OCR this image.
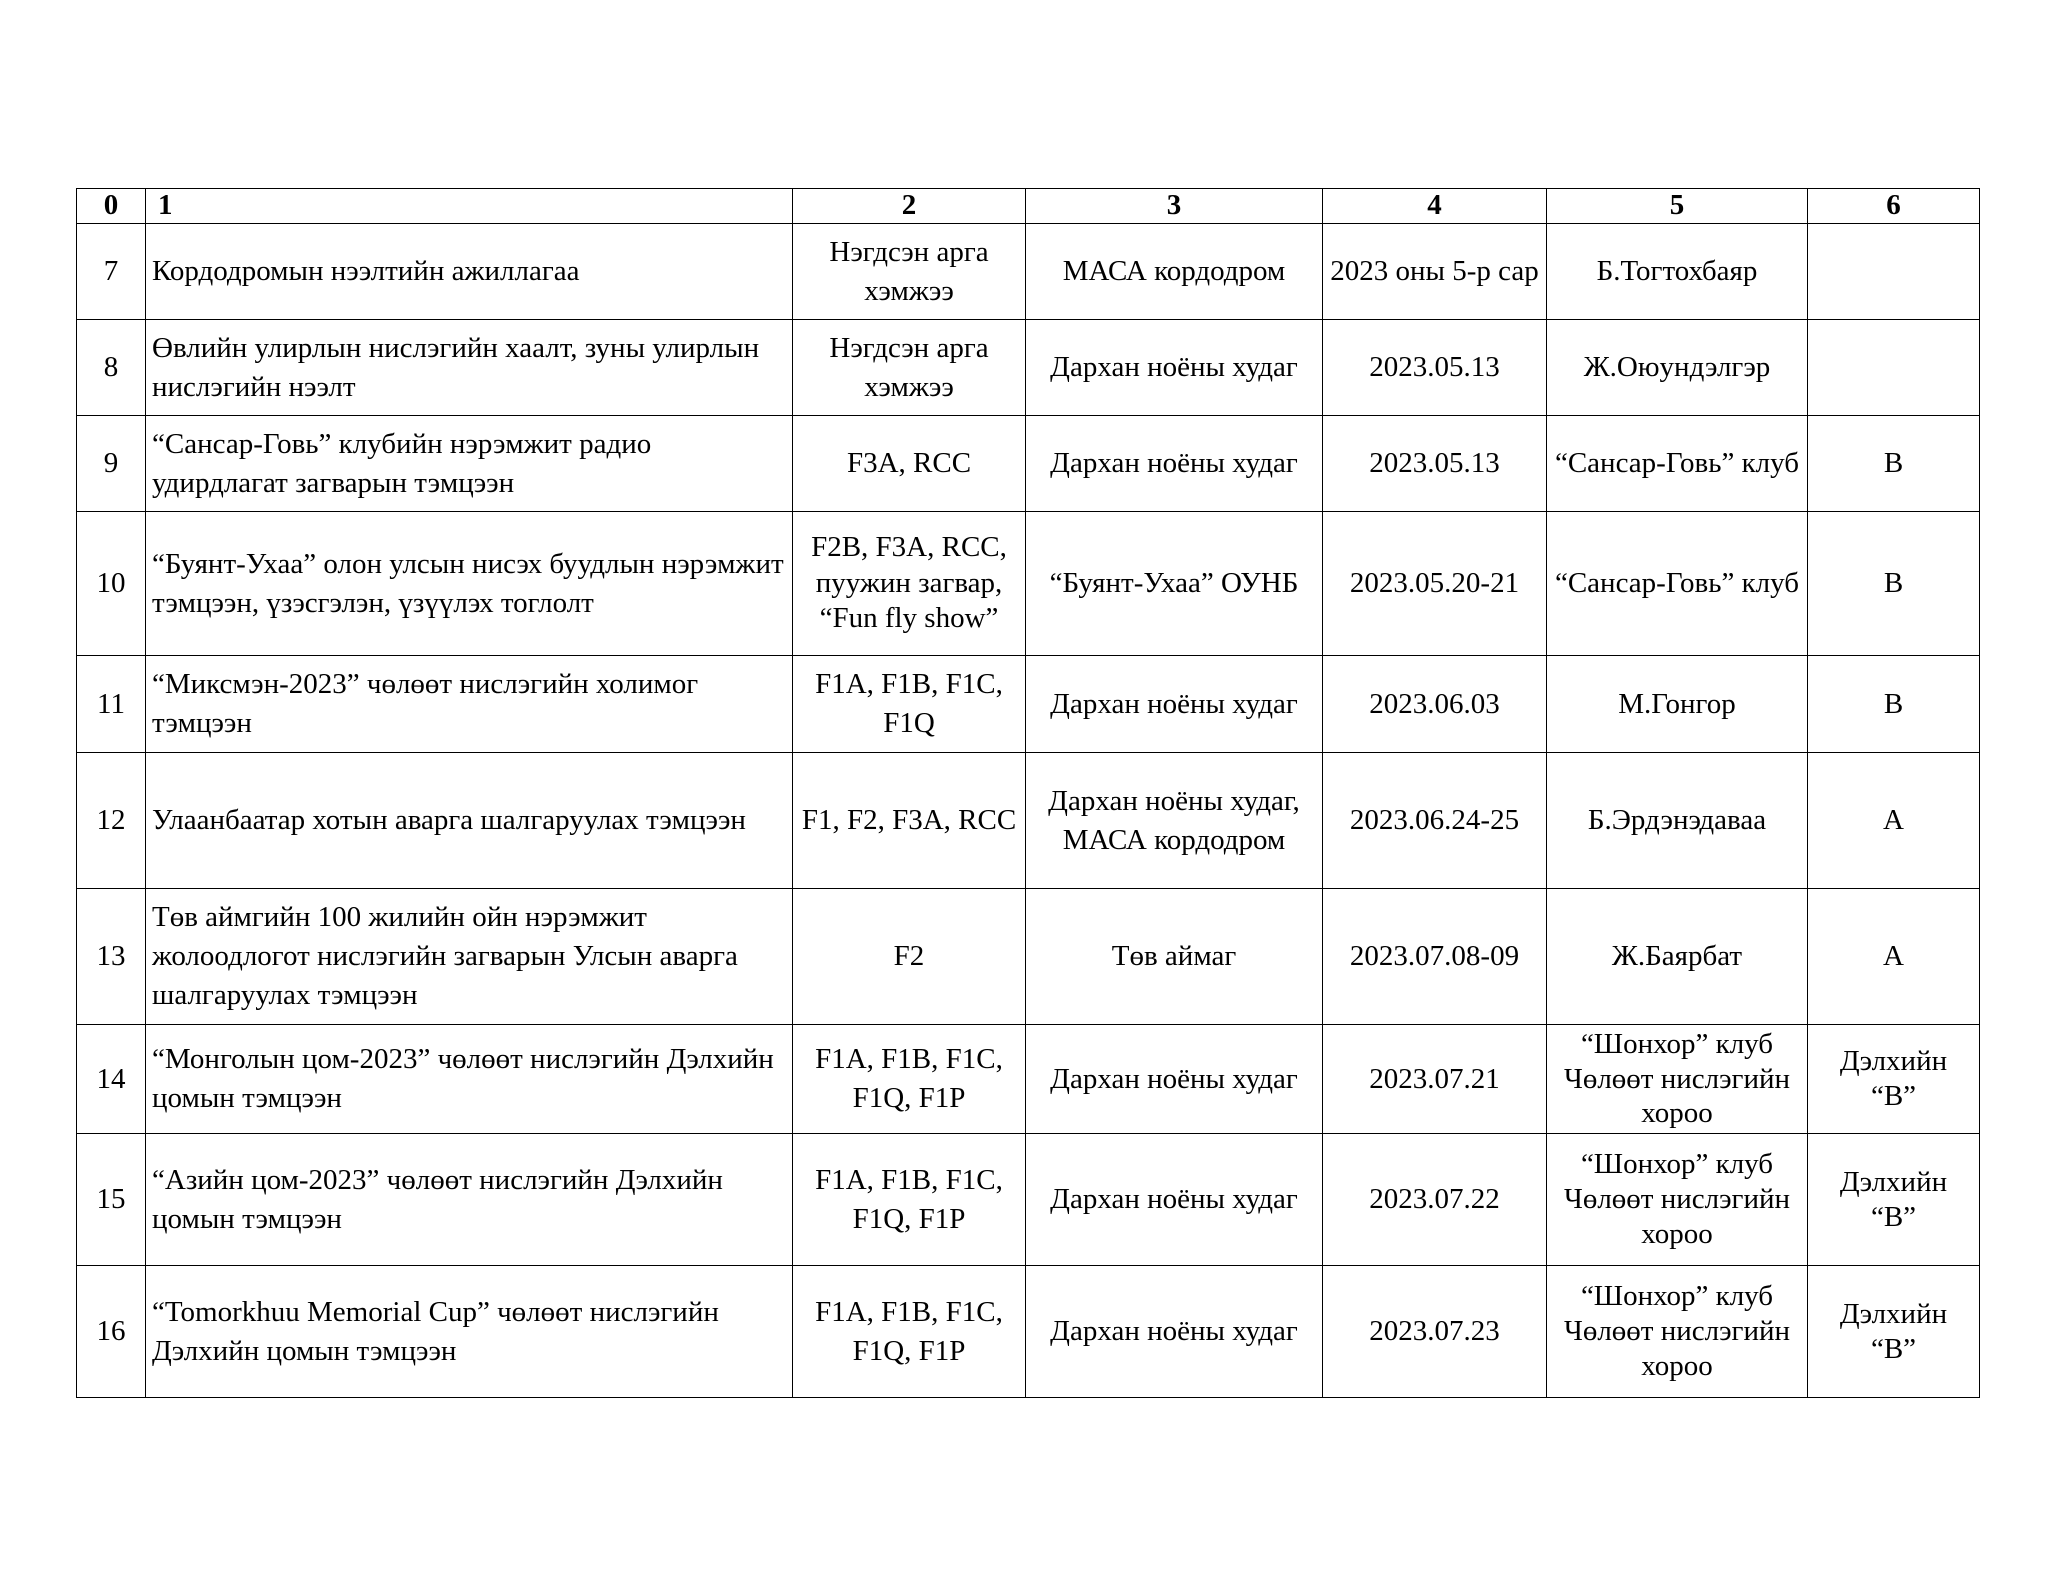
0	1	2	3	4	5	6
7	Кордодромын нээлтийн ажиллагаа	Нэгдсэн арга хэмжээ	МАСА кордодром	2023 оны 5-р сар	Б.Тогтохбаяр	
8	Өвлийн улирлын нислэгийн хаалт, зуны улирлын нислэгийн нээлт	Нэгдсэн арга хэмжээ	Дархан ноёны худаг	2023.05.13	Ж.Оюундэлгэр	
9	“Сансар-Говь” клубийн нэрэмжит радио удирдлагат загварын тэмцээн	F3A, RCC	Дархан ноёны худаг	2023.05.13	“Сансар-Говь” клуб	B
10	“Буянт-Ухаа” олон улсын нисэх буудлын нэрэмжит тэмцээн, үзэсгэлэн, үзүүлэх тоглолт	F2B, F3A, RCC, пуужин загвар, “Fun fly show”	“Буянт-Ухаа” ОУНБ	2023.05.20-21	“Сансар-Говь” клуб	B
11	“Миксмэн-2023” чөлөөт нислэгийн холимог тэмцээн	F1A, F1B, F1C, F1Q	Дархан ноёны худаг	2023.06.03	М.Гонгор	B
12	Улаанбаатар хотын аварга шалгаруулах тэмцээн	F1, F2, F3A, RCC	Дархан ноёны худаг, МАСА кордодром	2023.06.24-25	Б.Эрдэнэдаваа	A
13	Төв аймгийн 100 жилийн ойн нэрэмжит жолоодлогот нислэгийн загварын Улсын аварга шалгаруулах тэмцээн	F2	Төв аймаг	2023.07.08-09	Ж.Баярбат	A
14	“Монголын цом-2023” чөлөөт нислэгийн Дэлхийн цомын тэмцээн	F1A, F1B, F1C, F1Q, F1P	Дархан ноёны худаг	2023.07.21	“Шонхор” клуб Чөлөөт нислэгийн хороо	Дэлхийн “B”
15	“Азийн цом-2023” чөлөөт нислэгийн Дэлхийн цомын тэмцээн	F1A, F1B, F1C, F1Q, F1P	Дархан ноёны худаг	2023.07.22	“Шонхор” клуб Чөлөөт нислэгийн хороо	Дэлхийн “B”
16	“Tomorkhuu Memorial Cup” чөлөөт нислэгийн Дэлхийн цомын тэмцээн	F1A, F1B, F1C, F1Q, F1P	Дархан ноёны худаг	2023.07.23	“Шонхор” клуб Чөлөөт нислэгийн хороо	Дэлхийн “B”
